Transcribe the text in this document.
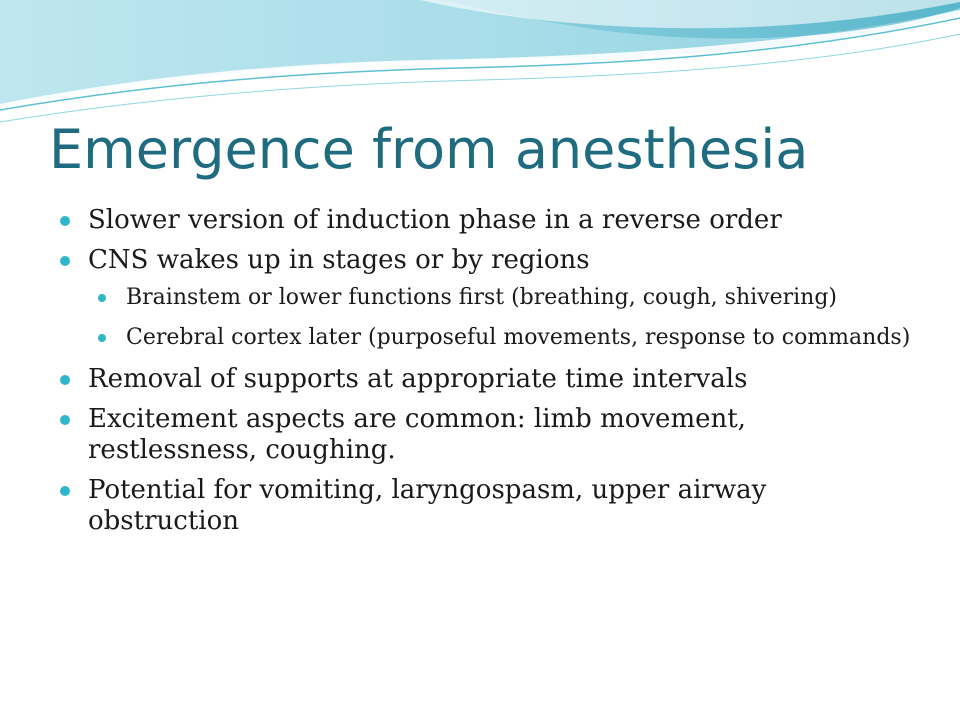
Emergence from anesthesia
Slower version of induction phase in a reverse order
CNS wakes up in stages or by regions
Brainstem or lower functions first (breathing, cough, shivering)
Cerebral cortex later (purposeful movements, response to commands)
Removal of supports at appropriate time intervals
Excitement aspects are common: limb movement, restlessness, coughing.
Potential for vomiting, laryngospasm, upper airway obstruction
